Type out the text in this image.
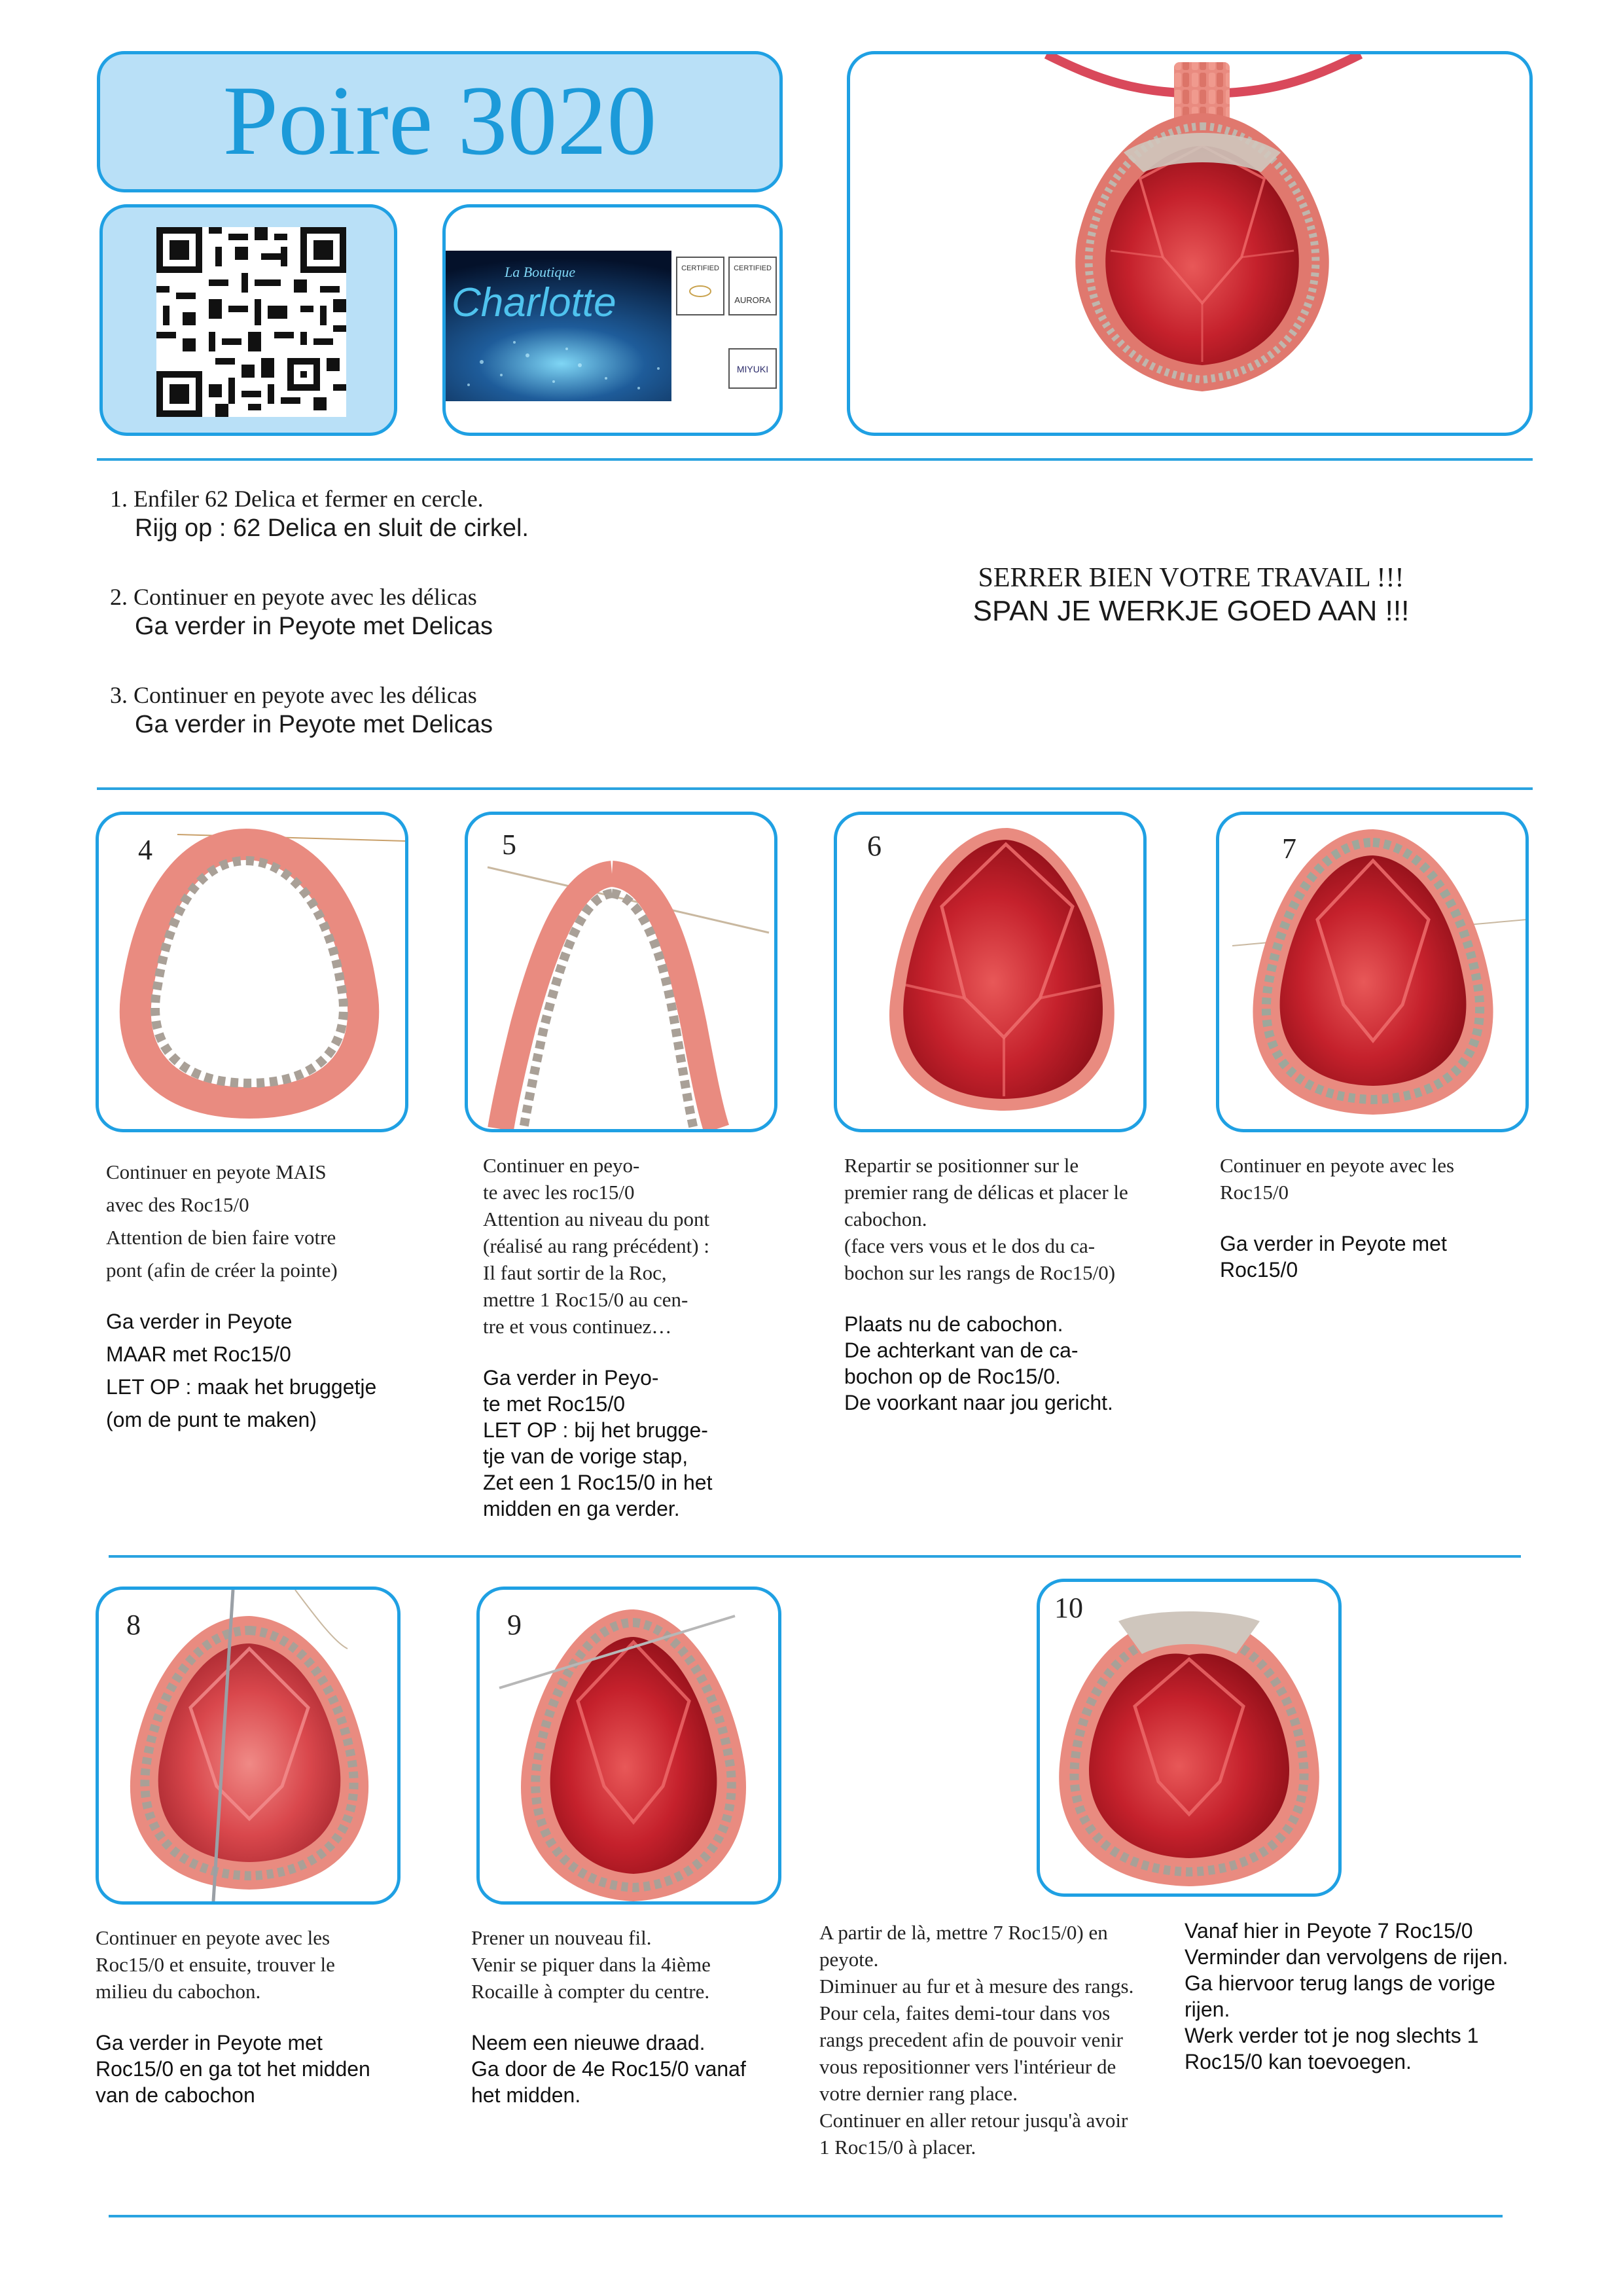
Poire 3020
La Boutique
Charlotte
CERTIFIED CERTIFIED
AURORA
MIYUKI
1. Enfiler 62 Delica et fermer en cercle.
Rijg op : 62 Delica en sluit de cirkel.
2. Continuer en peyote avec les délicas
Ga verder in Peyote met Delicas
3. Continuer en peyote avec les délicas
Ga verder in Peyote met Delicas
SERRER BIEN VOTRE TRAVAIL !!!
SPAN JE WERKJE GOED AAN !!!
4	5	6	7
Continuer en peyote MAIS
avec des Roc15/0
Attention de bien faire votre
pont (afin de créer la pointe)
Ga verder in Peyote
MAAR met Roc15/0
LET OP : maak het bruggetje
(om de punt te maken)
Continuer en peyo-
te avec les roc15/0
Attention au niveau du pont
(réalisé au rang précédent) :
Il faut sortir de la Roc,
mettre 1 Roc15/0 au cen-
tre et vous continuez…
Ga verder in Peyo-
te met Roc15/0
LET OP : bij het brugge-
tje van de vorige stap,
Zet een 1 Roc15/0 in het
midden en ga verder.
Repartir se positionner sur le
premier rang de délicas et placer le
cabochon.
(face vers vous et le dos du ca-
bochon sur les rangs de Roc15/0)
Plaats nu de cabochon.
De achterkant van de ca-
bochon op de Roc15/0.
De voorkant naar jou gericht.
Continuer en peyote avec les
Roc15/0
Ga verder in Peyote met
Roc15/0
8	9
10
Continuer en peyote avec les
Roc15/0 et ensuite, trouver le
milieu du cabochon.
Ga verder in Peyote met
Roc15/0 en ga tot het midden
van de cabochon
Prener un nouveau fil.
Venir se piquer dans la 4ième
Rocaille à compter du centre.
Neem een nieuwe draad.
Ga door de 4e Roc15/0 vanaf
het midden.
A partir de là, mettre 7 Roc15/0) en
peyote.
Diminuer au fur et à mesure des rangs.
Pour cela, faites demi-tour dans vos
rangs precedent afin de pouvoir venir
vous repositionner vers l'intérieur de
votre dernier rang place.
Continuer en aller retour jusqu'à avoir
1 Roc15/0 à placer.
Vanaf hier in Peyote 7 Roc15/0
Verminder dan vervolgens de rijen.
Ga hiervoor terug langs de vorige
rijen.
Werk verder tot je nog slechts 1
Roc15/0 kan toevoegen.
